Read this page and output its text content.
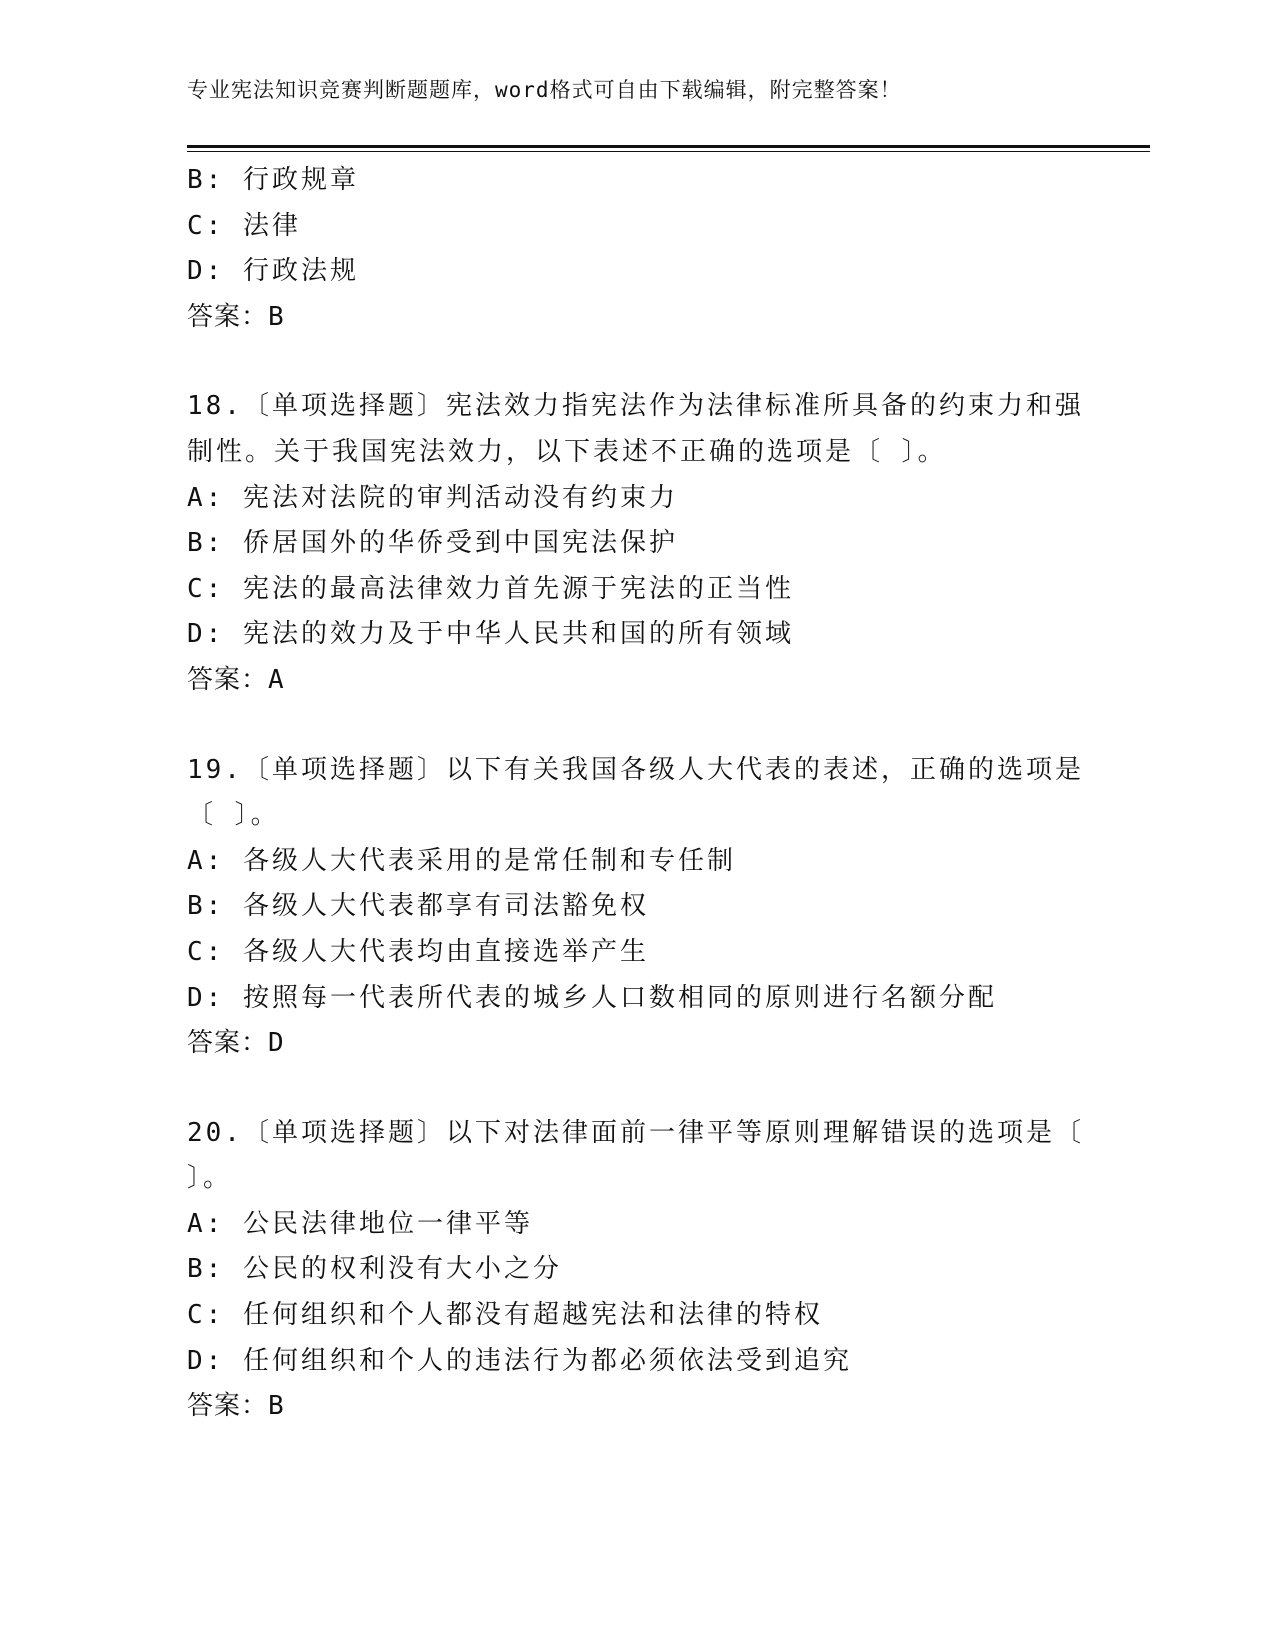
专业宪法知识竞赛判断题题库，word格式可自由下载编辑，附完整答案！
B: 行政规章
C: 法律
D: 行政法规
答案：B
18.〔单项选择题〕宪法效力指宪法作为法律标准所具备的约束力和强
制性。关于我国宪法效力，以下表述不正确的选项是〔 〕。
A: 宪法对法院的审判活动没有约束力
B: 侨居国外的华侨受到中国宪法保护
C: 宪法的最高法律效力首先源于宪法的正当性
D: 宪法的效力及于中华人民共和国的所有领域
答案：A
19.〔单项选择题〕以下有关我国各级人大代表的表述，正确的选项是
〔 〕。
A: 各级人大代表采用的是常任制和专任制
B: 各级人大代表都享有司法豁免权
C: 各级人大代表均由直接选举产生
D: 按照每一代表所代表的城乡人口数相同的原则进行名额分配
答案：D
20.〔单项选择题〕以下对法律面前一律平等原则理解错误的选项是〔
〕。
A: 公民法律地位一律平等
B: 公民的权利没有大小之分
C: 任何组织和个人都没有超越宪法和法律的特权
D: 任何组织和个人的违法行为都必须依法受到追究
答案：B
